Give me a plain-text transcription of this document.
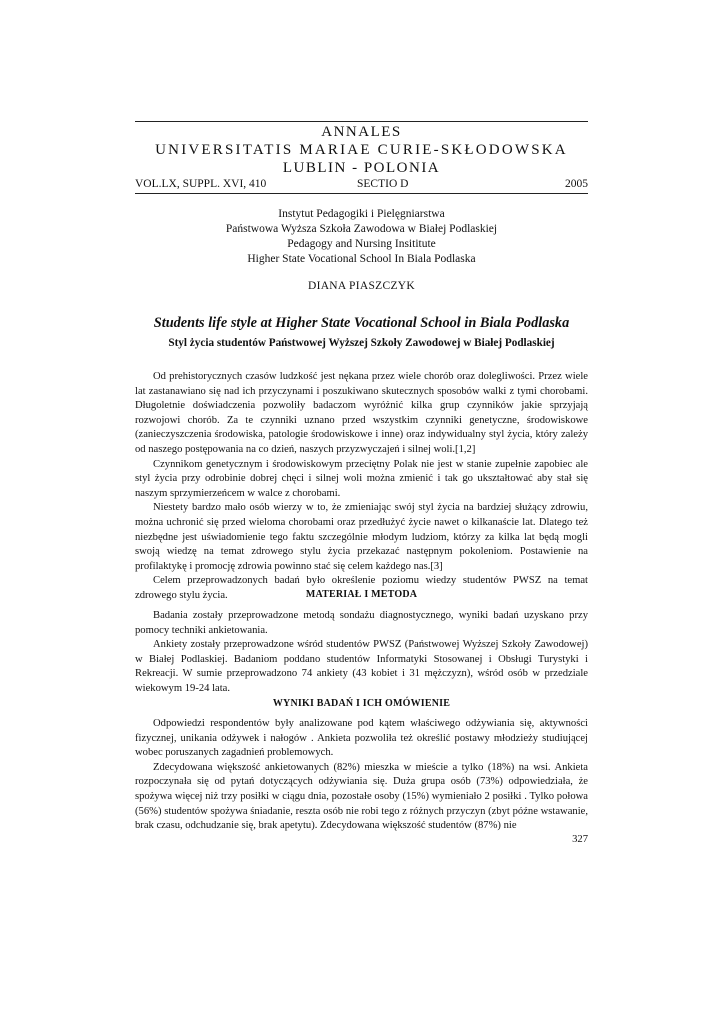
ANNALES
UNIVERSITATIS MARIAE CURIE-SKŁODOWSKA
LUBLIN - POLONIA
VOL.LX, SUPPL. XVI, 410	SECTIO D	2005
Instytut Pedagogiki i Pielęgniarstwa
Państwowa Wyższa Szkoła Zawodowa w Białej Podlaskiej
Pedagogy and Nursing Insititute
Higher State Vocational School In Biala Podlaska
DIANA PIASZCZYK
Students life style at Higher State Vocational School in Biala Podlaska
Styl życia studentów Państwowej Wyższej Szkoły Zawodowej w Białej Podlaskiej

Od prehistorycznych czasów ludzkość jest nękana przez wiele chorób oraz dolegliwości. Przez wiele lat zastanawiano się nad ich przyczynami i poszukiwano skutecznych sposobów walki z tymi chorobami. Długoletnie doświadczenia pozwoliły badaczom wyróżnić kilka grup czynników jakie sprzyjają rozwojowi chorób. Za te czynniki uznano przed wszystkim czynniki genetyczne, środowiskowe (zanieczyszczenia środowiska, patologie środowiskowe i inne) oraz indywidualny styl życia, który zależy od naszego postępowania na co dzień, naszych przyzwyczajeń i silnej woli.[1,2]

Czynnikom genetycznym i środowiskowym przeciętny Polak nie jest w stanie zupełnie zapobiec ale styl życia przy odrobinie dobrej chęci i silnej woli można zmienić i tak go ukształtować aby stał się naszym sprzymierzeńcem w walce z chorobami.

Niestety bardzo mało osób wierzy w to, że zmieniając swój styl życia na bardziej służący zdrowiu, można uchronić się przed wieloma chorobami oraz przedłużyć życie nawet o kilkanaście lat. Dlatego też niezbędne jest uświadomienie tego faktu szczególnie młodym ludziom, którzy za kilka lat będą mogli swoją wiedzę na temat zdrowego stylu życia przekazać następnym pokoleniom. Postawienie na profilaktykę i promocję zdrowia powinno stać się celem każdego nas.[3]

Celem przeprowadzonych badań było określenie poziomu wiedzy studentów PWSZ na temat zdrowego stylu życia.	MATERIAŁ I METODA

Badania zostały przeprowadzone metodą sondażu diagnostycznego, wyniki badań uzyskano przy pomocy techniki ankietowania.

Ankiety zostały przeprowadzone wśród studentów PWSZ (Państwowej Wyższej Szkoły Zawodowej) w Białej Podlaskiej. Badaniom poddano studentów Informatyki Stosowanej i Obsługi Turystyki i Rekreacji. W sumie przeprowadzono 74 ankiety (43 kobiet i 31 mężczyzn), wśród osób w przedziale wiekowym 19-24 lata.

WYNIKI BADAŃ I ICH OMÓWIENIE

Odpowiedzi respondentów były analizowane pod kątem właściwego odżywiania się, aktywności fizycznej, unikania odżywek i nałogów . Ankieta pozwoliła też określić postawy młodzieży studiującej wobec poruszanych zagadnień problemowych.

Zdecydowana większość ankietowanych (82%) mieszka w mieście a tylko (18%) na wsi. Ankieta rozpoczynała się od pytań dotyczących odżywiania się. Duża grupa osób (73%) odpowiedziała, że spożywa więcej niż trzy posiłki w ciągu dnia, pozostałe osoby (15%) wymieniało 2 posiłki . Tylko połowa (56%) studentów spożywa śniadanie, reszta osób nie robi tego z różnych przyczyn (zbyt późne wstawanie, brak czasu, odchudzanie się, brak apetytu). Zdecydowana większość studentów (87%) nie

327
